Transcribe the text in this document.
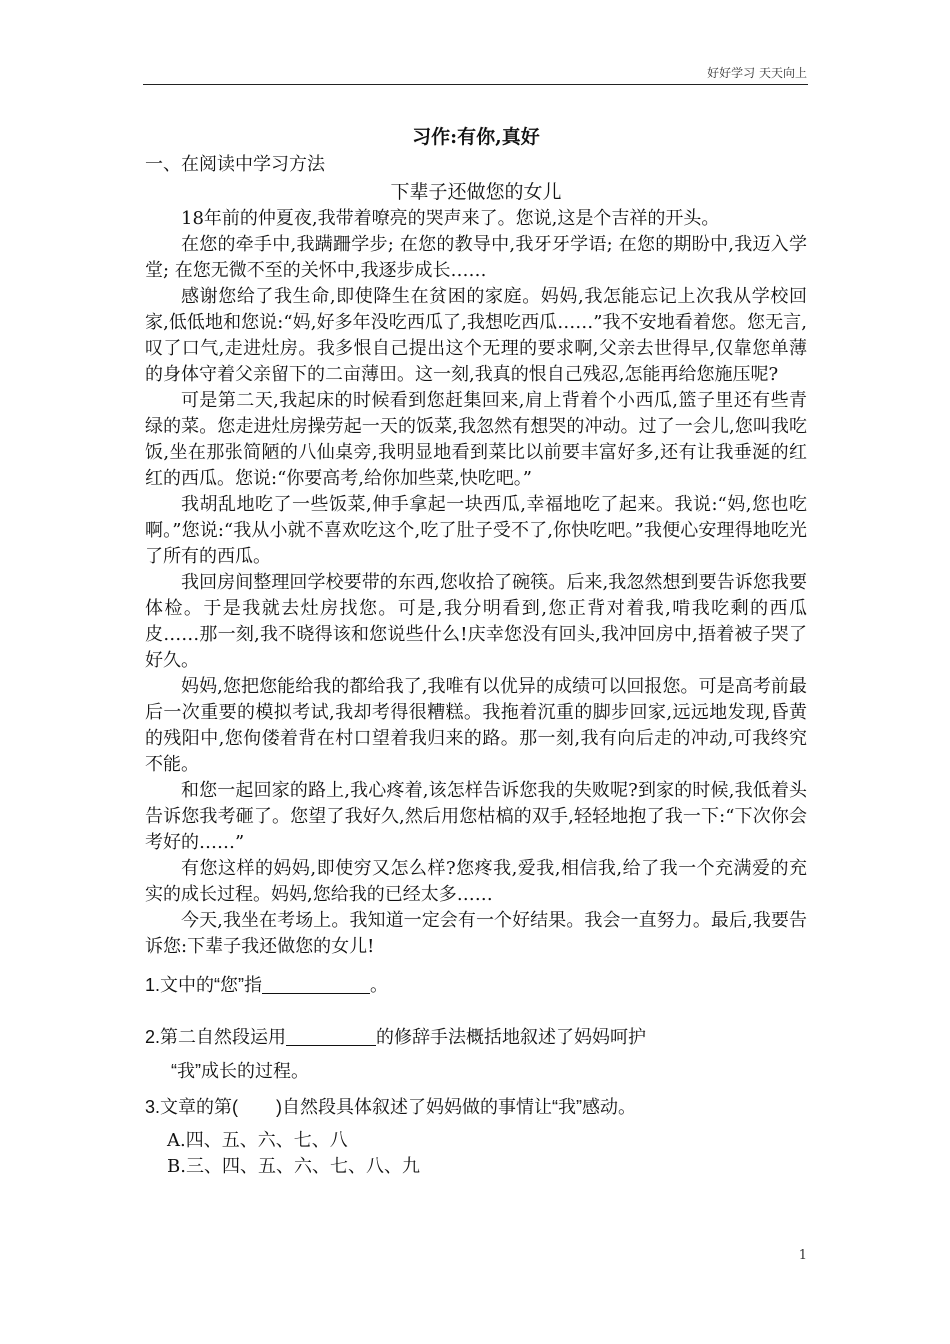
好好学习 天天向上
习作:有你,真好
一、在阅读中学习方法
下辈子还做您的女儿

18年前的仲夏夜,我带着嘹亮的哭声来了。您说,这是个吉祥的开头。

在您的牵手中,我蹒跚学步; 在您的教导中,我牙牙学语; 在您的期盼中,我迈入学堂; 在您无微不至的关怀中,我逐步成长……

感谢您给了我生命,即使降生在贫困的家庭。妈妈,我怎能忘记上次我从学校回家,低低地和您说:“妈,好多年没吃西瓜了,我想吃西瓜……”我不安地看着您。您无言,叹了口气,走进灶房。我多恨自己提出这个无理的要求啊,父亲去世得早,仅靠您单薄的身体守着父亲留下的二亩薄田。这一刻,我真的恨自己残忍,怎能再给您施压呢?

可是第二天,我起床的时候看到您赶集回来,肩上背着个小西瓜,篮子里还有些青绿的菜。您走进灶房操劳起一天的饭菜,我忽然有想哭的冲动。过了一会儿,您叫我吃饭,坐在那张简陋的八仙桌旁,我明显地看到菜比以前要丰富好多,还有让我垂涎的红红的西瓜。您说:“你要高考,给你加些菜,快吃吧。”

我胡乱地吃了一些饭菜,伸手拿起一块西瓜,幸福地吃了起来。我说:“妈,您也吃啊。”您说:“我从小就不喜欢吃这个,吃了肚子受不了,你快吃吧。”我便心安理得地吃光了所有的西瓜。

我回房间整理回学校要带的东西,您收拾了碗筷。后来,我忽然想到要告诉您我要体检。于是我就去灶房找您。可是,我分明看到,您正背对着我,啃我吃剩的西瓜皮……那一刻,我不晓得该和您说些什么!庆幸您没有回头,我冲回房中,捂着被子哭了好久。

妈妈,您把您能给我的都给我了,我唯有以优异的成绩可以回报您。可是高考前最后一次重要的模拟考试,我却考得很糟糕。我拖着沉重的脚步回家,远远地发现,昏黄的残阳中,您佝偻着背在村口望着我归来的路。那一刻,我有向后走的冲动,可我终究不能。

和您一起回家的路上,我心疼着,该怎样告诉您我的失败呢?到家的时候,我低着头告诉您我考砸了。您望了我好久,然后用您枯槁的双手,轻轻地抱了我一下:“下次你会考好的……”

有您这样的妈妈,即使穷又怎么样?您疼我,爱我,相信我,给了我一个充满爱的充实的成长过程。妈妈,您给我的已经太多……

今天,我坐在考场上。我知道一定会有一个好结果。我会一直努力。最后,我要告诉您:下辈子我还做您的女儿!

1.文中的“您”指	。

2.第二自然段运用	的修辞手法概括地叙述了妈妈呵护

“我”成长的过程。

3.文章的第( )自然段具体叙述了妈妈做的事情让“我”感动。

A.四、五、六、七、八

B.三、四、五、六、七、八、九

1
